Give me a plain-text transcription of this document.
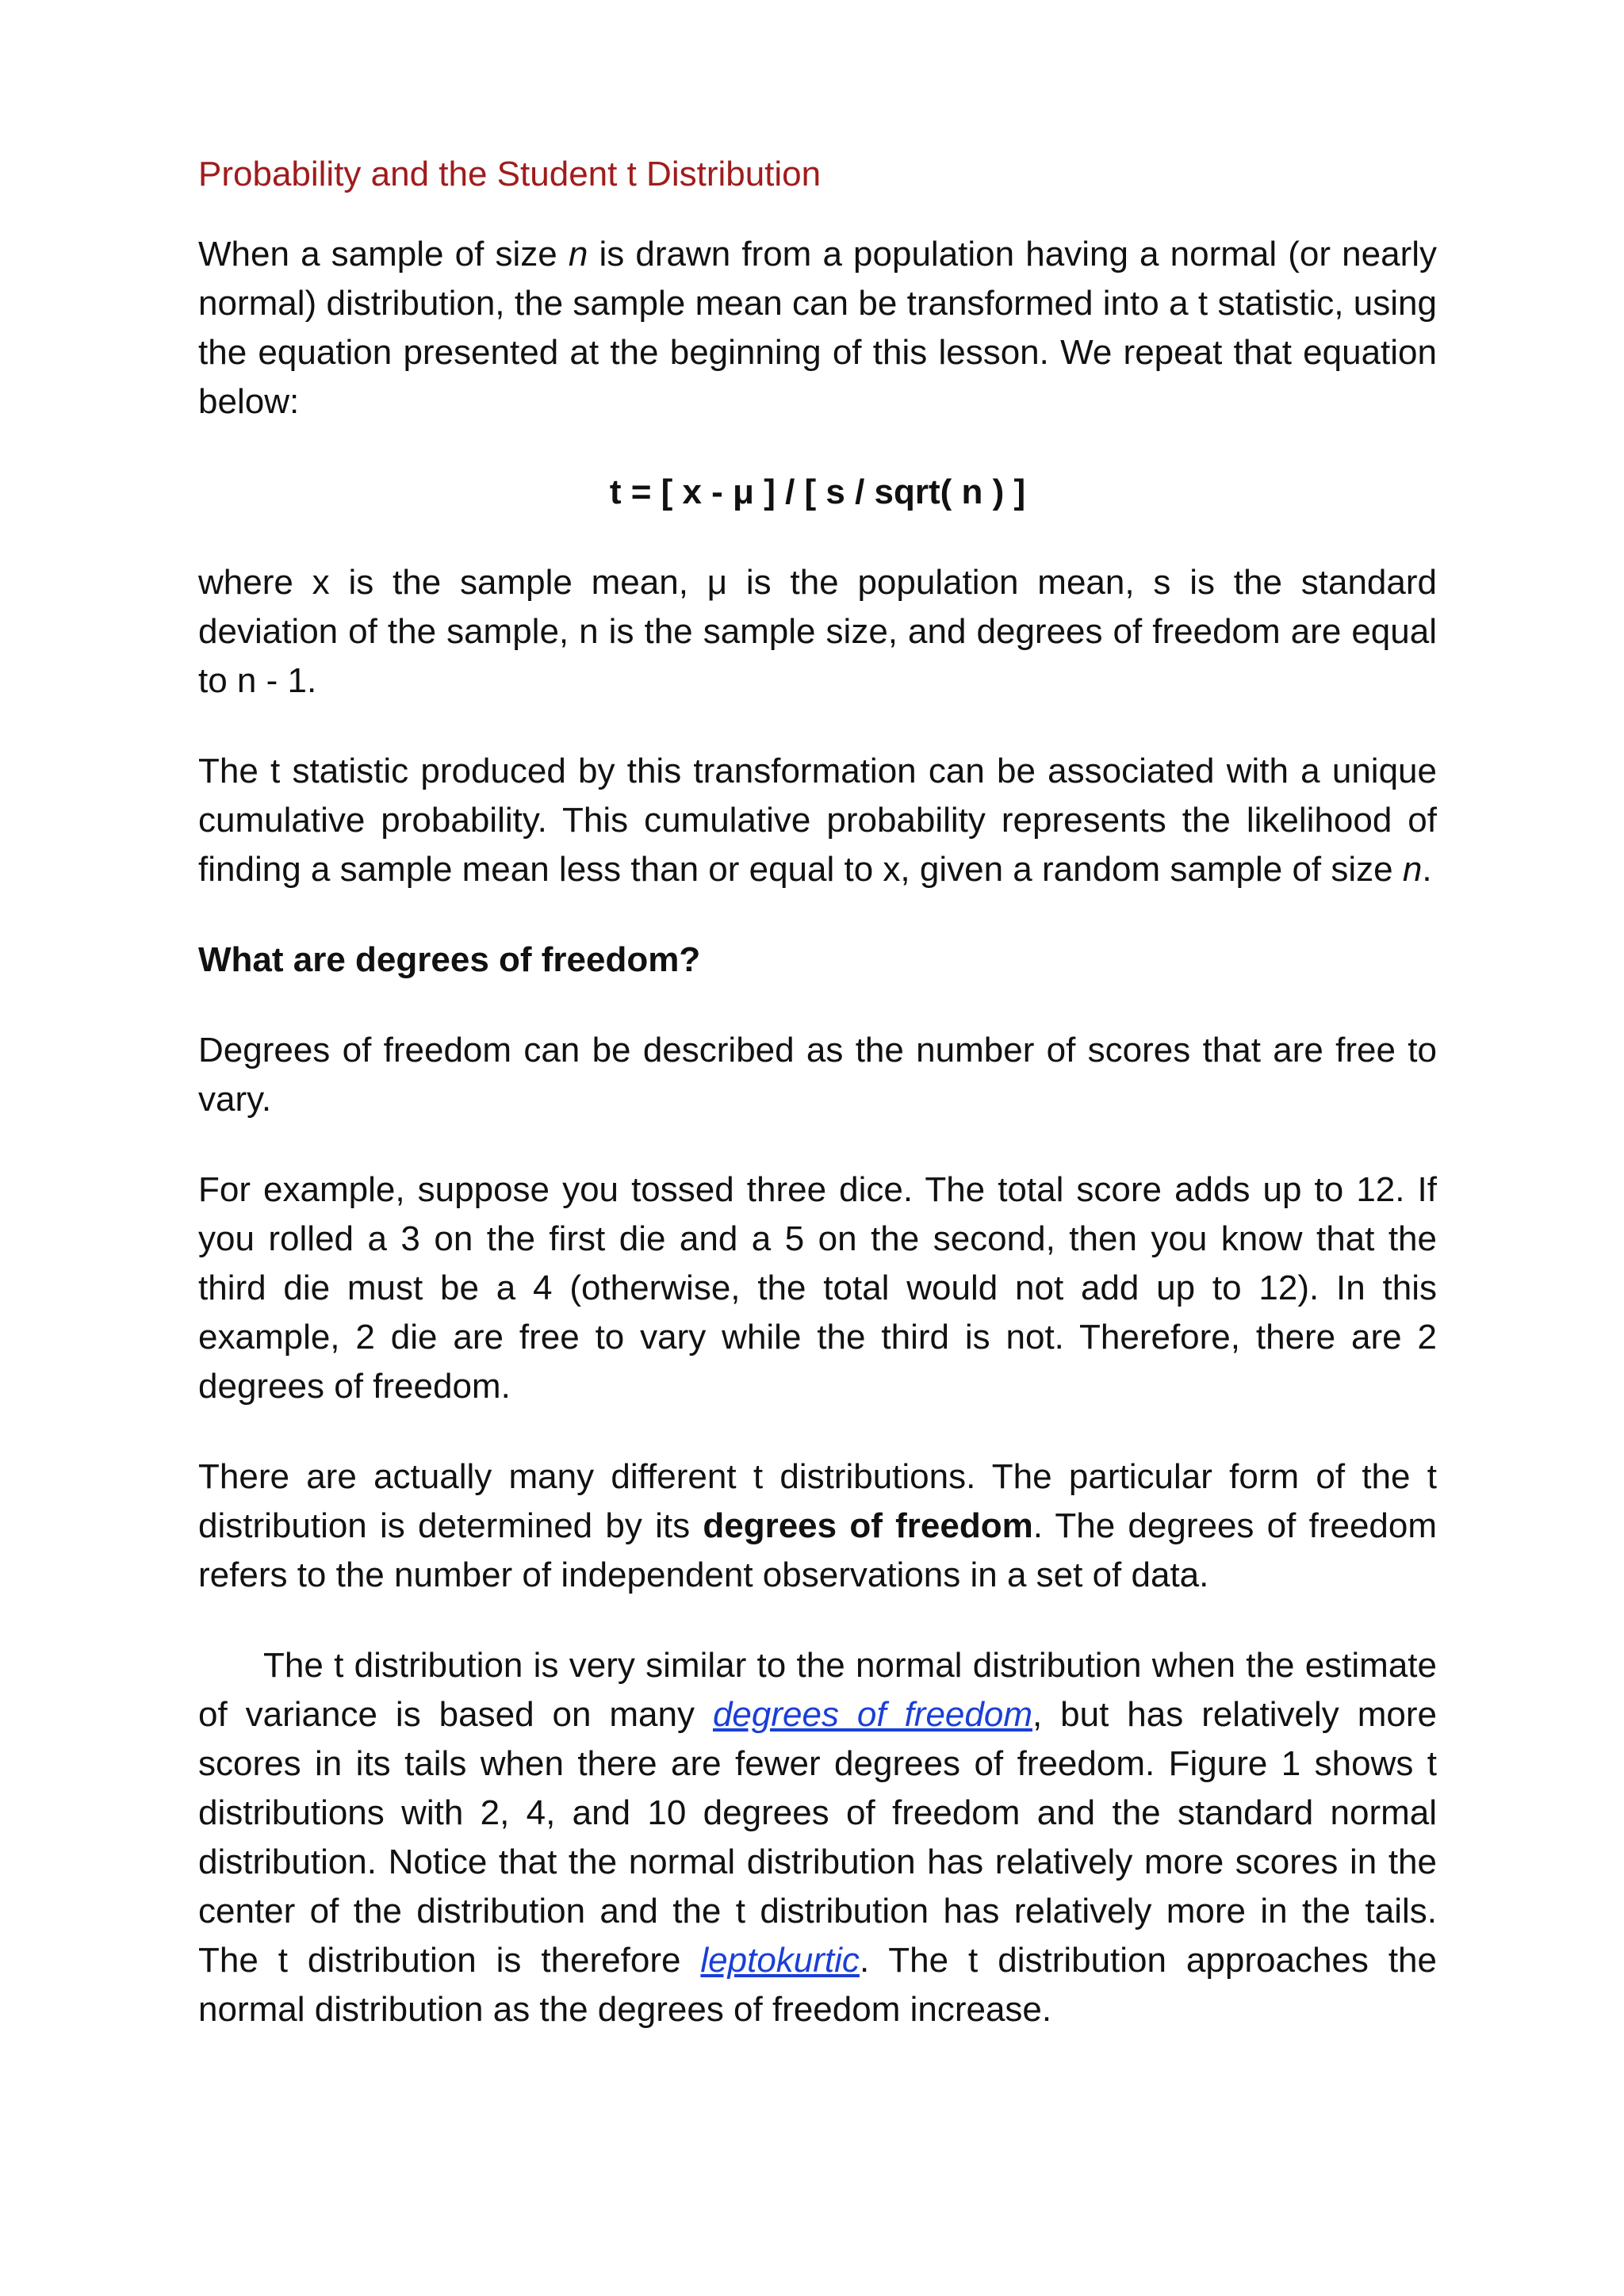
Probability and the Student t Distribution

When a sample of size n is drawn from a population having a normal (or nearly normal) distribution, the sample mean can be transformed into a t statistic, using the equation presented at the beginning of this lesson. We repeat that equation below:

t = [ x - μ ] / [ s / sqrt( n ) ]

where x is the sample mean, μ is the population mean, s is the standard deviation of the sample, n is the sample size, and degrees of freedom are equal to n - 1.

The t statistic produced by this transformation can be associated with a unique cumulative probability. This cumulative probability represents the likelihood of finding a sample mean less than or equal to x, given a random sample of size n.

What are degrees of freedom?

Degrees of freedom can be described as the number of scores that are free to vary.

For example, suppose you tossed three dice. The total score adds up to 12. If you rolled a 3 on the first die and a 5 on the second, then you know that the third die must be a 4 (otherwise, the total would not add up to 12). In this example, 2 die are free to vary while the third is not. Therefore, there are 2 degrees of freedom.

There are actually many different t distributions. The particular form of the t distribution is determined by its degrees of freedom. The degrees of freedom refers to the number of independent observations in a set of data.

The t distribution is very similar to the normal distribution when the estimate of variance is based on many degrees of freedom, but has relatively more scores in its tails when there are fewer degrees of freedom. Figure 1 shows t distributions with 2, 4, and 10 degrees of freedom and the standard normal distribution. Notice that the normal distribution has relatively more scores in the center of the distribution and the t distribution has relatively more in the tails. The t distribution is therefore leptokurtic. The t distribution approaches the normal distribution as the degrees of freedom increase.
